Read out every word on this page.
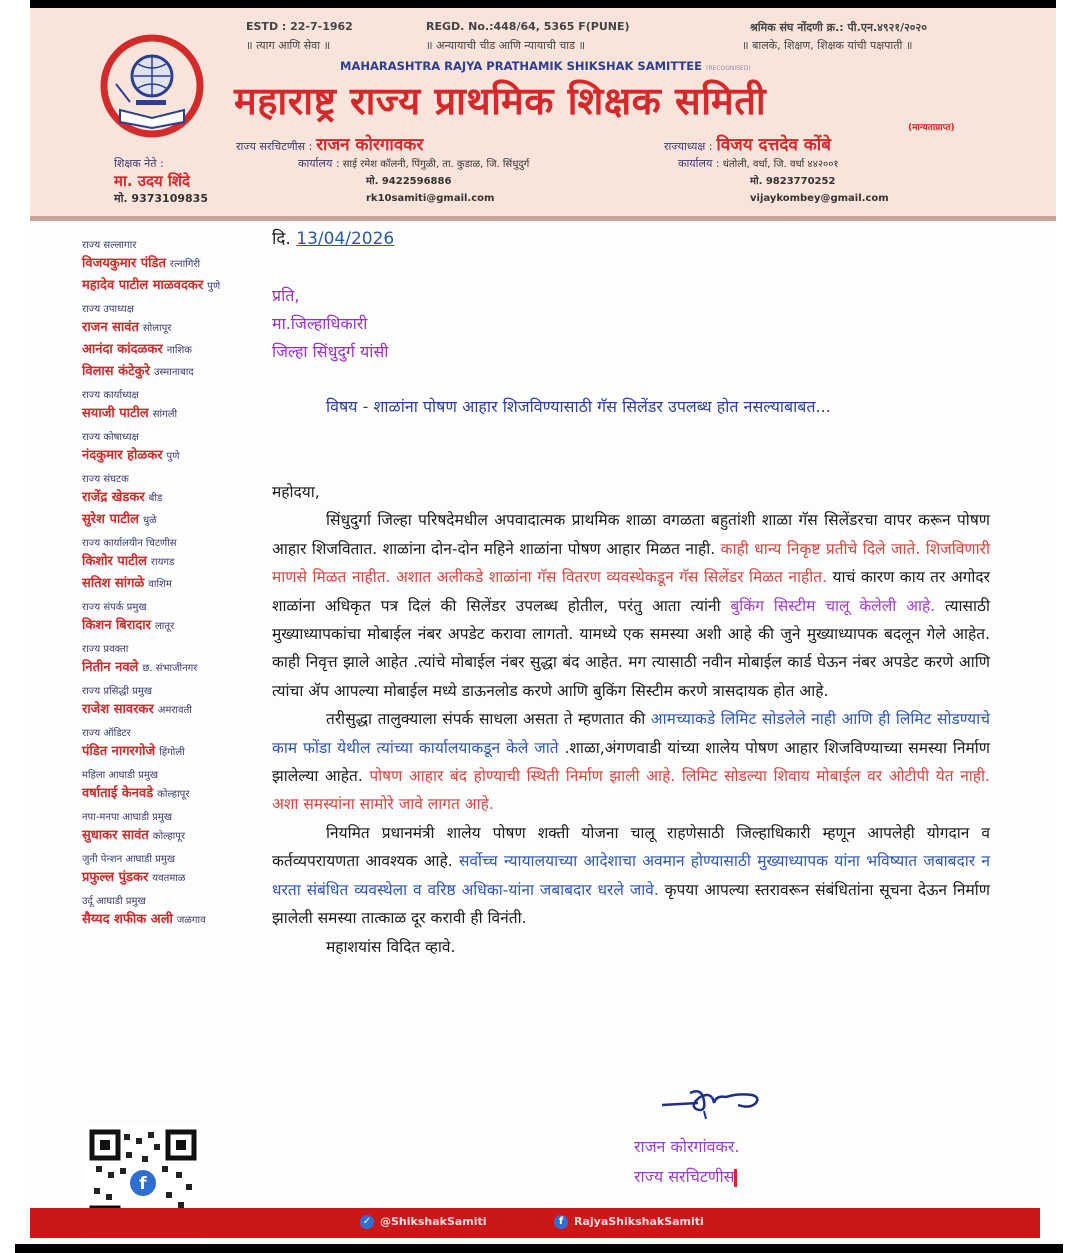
ESTD : 22-7-1962
॥ त्याग आणि सेवा ॥
REGD. No.:448/64, 5365 F(PUNE)
॥ अन्यायाची चीड आणि न्यायाची चाड ॥
श्रमिक संघ नोंदणी क्र.: पी.एन.४९२१/२०२०
॥ बालके, शिक्षण, शिक्षक यांची पक्षपाती ॥
MAHARASHTRA RAJYA PRATHAMIK SHIKSHAK SAMITTEE (RECOGNISED)
महाराष्ट्र राज्य प्राथमिक शिक्षक समिती
(मान्यताप्राप्त)
शिक्षक नेते :
मा. उदय शिंदे
मो. 9373109835
राज्य सरचिटणीस : राजन कोरगावकर
कार्यालय : साई रमेश कॉलनी, पिंगुळी, ता. कुडाळ, जि. सिंधुदुर्ग
मो. 9422596886
rk10samiti@gmail.com
राज्याध्यक्ष : विजय दत्तदेव कोंबे
कार्यालय : धंतोली, वर्धा, जि. वर्धा ४४२००१
मो. 9823770252
vijaykombey@gmail.com
राज्य सल्लागार
विजयकुमार पंडित रत्नागिरी
महादेव पाटील माळवदकर पुणे
राज्य उपाध्यक्ष
राजन सावंत सोलापूर
आनंदा कांदळकर नाशिक
विलास कंटेकुरे उस्मानाबाद
राज्य कार्याध्यक्ष
सयाजी पाटील सांगली
राज्य कोषाध्यक्ष
नंदकुमार होळकर पुणे
राज्य संघटक
राजेंद्र खेडकर बीड
सुरेश पाटील धुळे
राज्य कार्यालयीन चिटणीस
किशोर पाटील रायगड
सतिश सांगळे वाशिम
राज्य संपर्क प्रमुख
किशन बिरादार लातूर
राज्य प्रवक्ता
नितीन नवले छ. संभाजीनगर
राज्य प्रसिद्धी प्रमुख
राजेश सावरकर अमरावती
राज्य ऑडिटर
पंडित नागरगोजे हिंगोली
महिला आघाडी प्रमुख
वर्षाताई केनवडे कोल्हापूर
नपा-मनपा आघाडी प्रमुख
सुधाकर सावंत कोल्हापूर
जुनी पेन्शन आघाडी प्रमुख
प्रफुल्ल पुंडकर यवतमाळ
उर्दू आघाडी प्रमुख
सैय्यद शफीक अली जळगाव
f
दि. 13/04/2026
प्रति,
मा.जिल्हाधिकारी
जिल्हा सिंधुदुर्ग यांसी
विषय - शाळांना पोषण आहार शिजविण्यासाठी गॅस सिलेंडर उपलब्ध होत नसल्याबाबत...

महोदया,

सिंधुदुर्गा जिल्हा परिषदेमधील अपवादात्मक प्राथमिक शाळा वगळता बहुतांशी शाळा गॅस सिलेंडरचा वापर करून पोषण आहार शिजवितात. शाळांना दोन-दोन महिने शाळांना पोषण आहार मिळत नाही. काही धान्य निकृष्ट प्रतीचे दिले जाते. शिजविणारी माणसे मिळत नाहीत. अशात अलीकडे शाळांना गॅस वितरण व्यवस्थेकडून गॅस सिलेंडर मिळत नाहीत. याचं कारण काय तर अगोदर शाळांना अधिकृत पत्र दिलं की सिलेंडर उपलब्ध होतील, परंतु आता त्यांनी बुकिंग सिस्टीम चालू केलेली आहे. त्यासाठी मुख्याध्यापकांचा मोबाईल नंबर अपडेट करावा लागतो. यामध्ये एक समस्या अशी आहे की जुने मुख्याध्यापक बदलून गेले आहेत. काही निवृत्त झाले आहेत .त्यांचे मोबाईल नंबर सुद्धा बंद आहेत. मग त्यासाठी नवीन मोबाईल कार्ड घेऊन नंबर अपडेट करणे आणि त्यांचा ॲप आपल्या मोबाईल मध्ये डाऊनलोड करणे आणि बुकिंग सिस्टीम करणे त्रासदायक होत आहे.

तरीसुद्धा तालुक्याला संपर्क साधला असता ते म्हणतात की आमच्याकडे लिमिट सोडलेले नाही आणि ही लिमिट सोडण्याचे काम फोंडा येथील त्यांच्या कार्यालयाकडून केले जाते .शाळा,अंगणवाडी यांच्या शालेय पोषण आहार शिजविण्याच्या समस्या निर्माण झालेल्या आहेत. पोषण आहार बंद होण्याची स्थिती निर्माण झाली आहे. लिमिट सोडल्या शिवाय मोबाईल वर ओटीपी येत नाही. अशा समस्यांना सामोरे जावे लागत आहे.

नियमित प्रधानमंत्री शालेय पोषण शक्ती योजना चालू राहणेसाठी जिल्हाधिकारी म्हणून आपलेही योगदान व कर्तव्यपरायणता आवश्यक आहे. सर्वोच्च न्यायालयाच्या आदेशाचा अवमान होण्यासाठी मुख्याध्यापक यांना भविष्यात जबाबदार न धरता संबंधित व्यवस्थेला व वरिष्ठ अधिका-यांना जबाबदार धरले जावे. कृपया आपल्या स्तरावरून संबंधितांना सूचना देऊन निर्माण झालेली समस्या तात्काळ दूर करावी ही विनंती.

महाशयांस विदित व्हावे.

राजन कोरगांवकर.
राज्य सरचिटणीस
✓ @ShikshakSamiti	f RajyaShikshakSamiti
